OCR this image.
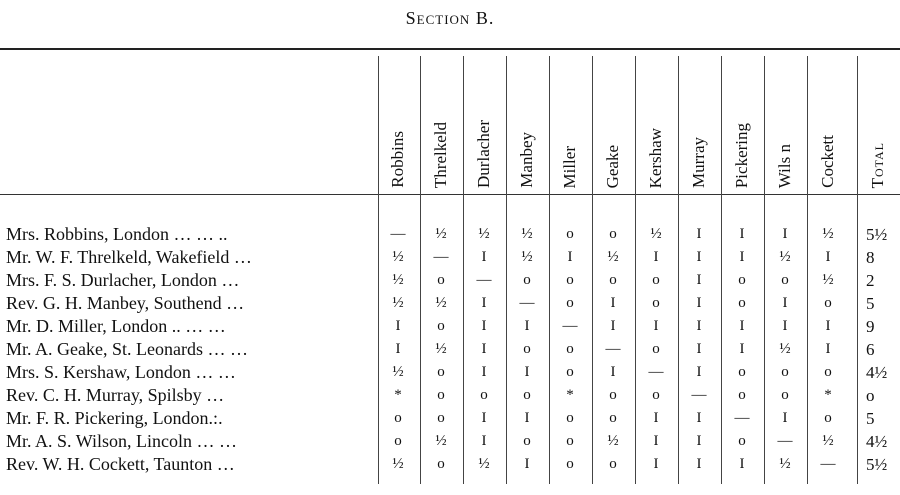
Section B.
Robbins Threlkeld Durlacher Manbey Miller Geake Kershaw Murray Pickering Wils n Cockett Total
Mrs. Robbins, London … … ..	—	½	½	½	o	o	½	I	I	I	½	5½
Mr. W. F. Threlkeld, Wakefield …	½	—	I	½	I	½	I	I	I	½	I	8
Mrs. F. S. Durlacher, London …	½	o	—	o	o	o	o	I	o	o	½	2
Rev. G. H. Manbey, Southend …	½	½	I	—	o	I	o	I	o	I	o	5
Mr. D. Miller, London .. … …	I	o	I	I	—	I	I	I	I	I	I	9
Mr. A. Geake, St. Leonards … …	I	½	I	o	o	—	o	I	I	½	I	6
Mrs. S. Kershaw, London … …	½	o	I	I	o	I	—	I	o	o	o	4½
Rev. C. H. Murray, Spilsby …	*	o	o	o	*	o	o	—	o	o	*	o
Mr. F. R. Pickering, London.:.	o	o	I	I	o	o	I	I	—	I	o	5
Mr. A. S. Wilson, Lincoln … …	o	½	I	o	o	½	I	I	o	—	½	4½
Rev. W. H. Cockett, Taunton …	½	o	½	I	o	o	I	I	I	½	—	5½
